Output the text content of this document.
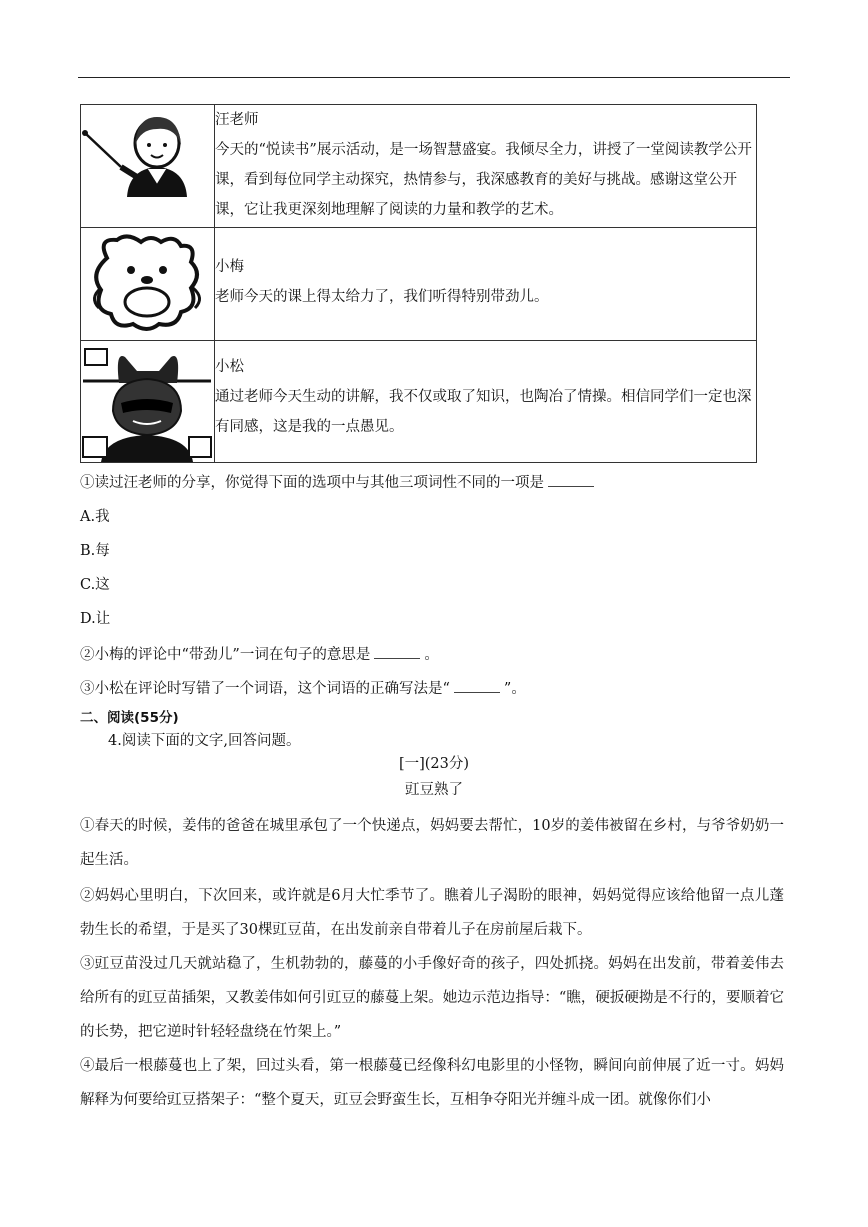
汪老师
今天的“悦读书”展示活动，是一场智慧盛宴。我倾尽全力，讲授了一堂阅读教学公开课，看到每位同学主动探究，热情参与，我深感教育的美好与挑战。感谢这堂公开课，它让我更深刻地理解了阅读的力量和教学的艺术。

小梅
老师今天的课上得太给力了，我们听得特别带劲儿。

小松
通过老师今天生动的讲解，我不仅或取了知识，也陶冶了情操。相信同学们一定也深有同感，这是我的一点愚见。
①读过汪老师的分享，你觉得下面的选项中与其他三项词性不同的一项是
A.我
B.每
C.这
D.让
②小梅的评论中“带劲儿”一词在句子的意思是	。
③小松在评论时写错了一个词语，这个词语的正确写法是“	”。
二、阅读(55分)
4.阅读下面的文字,回答问题。
[一](23分)
豇豆熟了
①春天的时候，姜伟的爸爸在城里承包了一个快递点，妈妈要去帮忙，10岁的姜伟被留在乡村，与爷爷奶奶一起生活。
②妈妈心里明白，下次回来，或许就是6月大忙季节了。瞧着儿子渴盼的眼神，妈妈觉得应该给他留一点儿蓬勃生长的希望，于是买了30棵豇豆苗，在出发前亲自带着儿子在房前屋后栽下。
③豇豆苗没过几天就站稳了，生机勃勃的，藤蔓的小手像好奇的孩子，四处抓挠。妈妈在出发前，带着姜伟去给所有的豇豆苗插架，又教姜伟如何引豇豆的藤蔓上架。她边示范边指导：“瞧，硬扳硬拗是不行的，要顺着它的长势，把它逆时针轻轻盘绕在竹架上。”
④最后一根藤蔓也上了架，回过头看，第一根藤蔓已经像科幻电影里的小怪物，瞬间向前伸展了近一寸。妈妈解释为何要给豇豆搭架子：“整个夏天，豇豆会野蛮生长，互相争夺阳光并缠斗成一团。就像你们小
